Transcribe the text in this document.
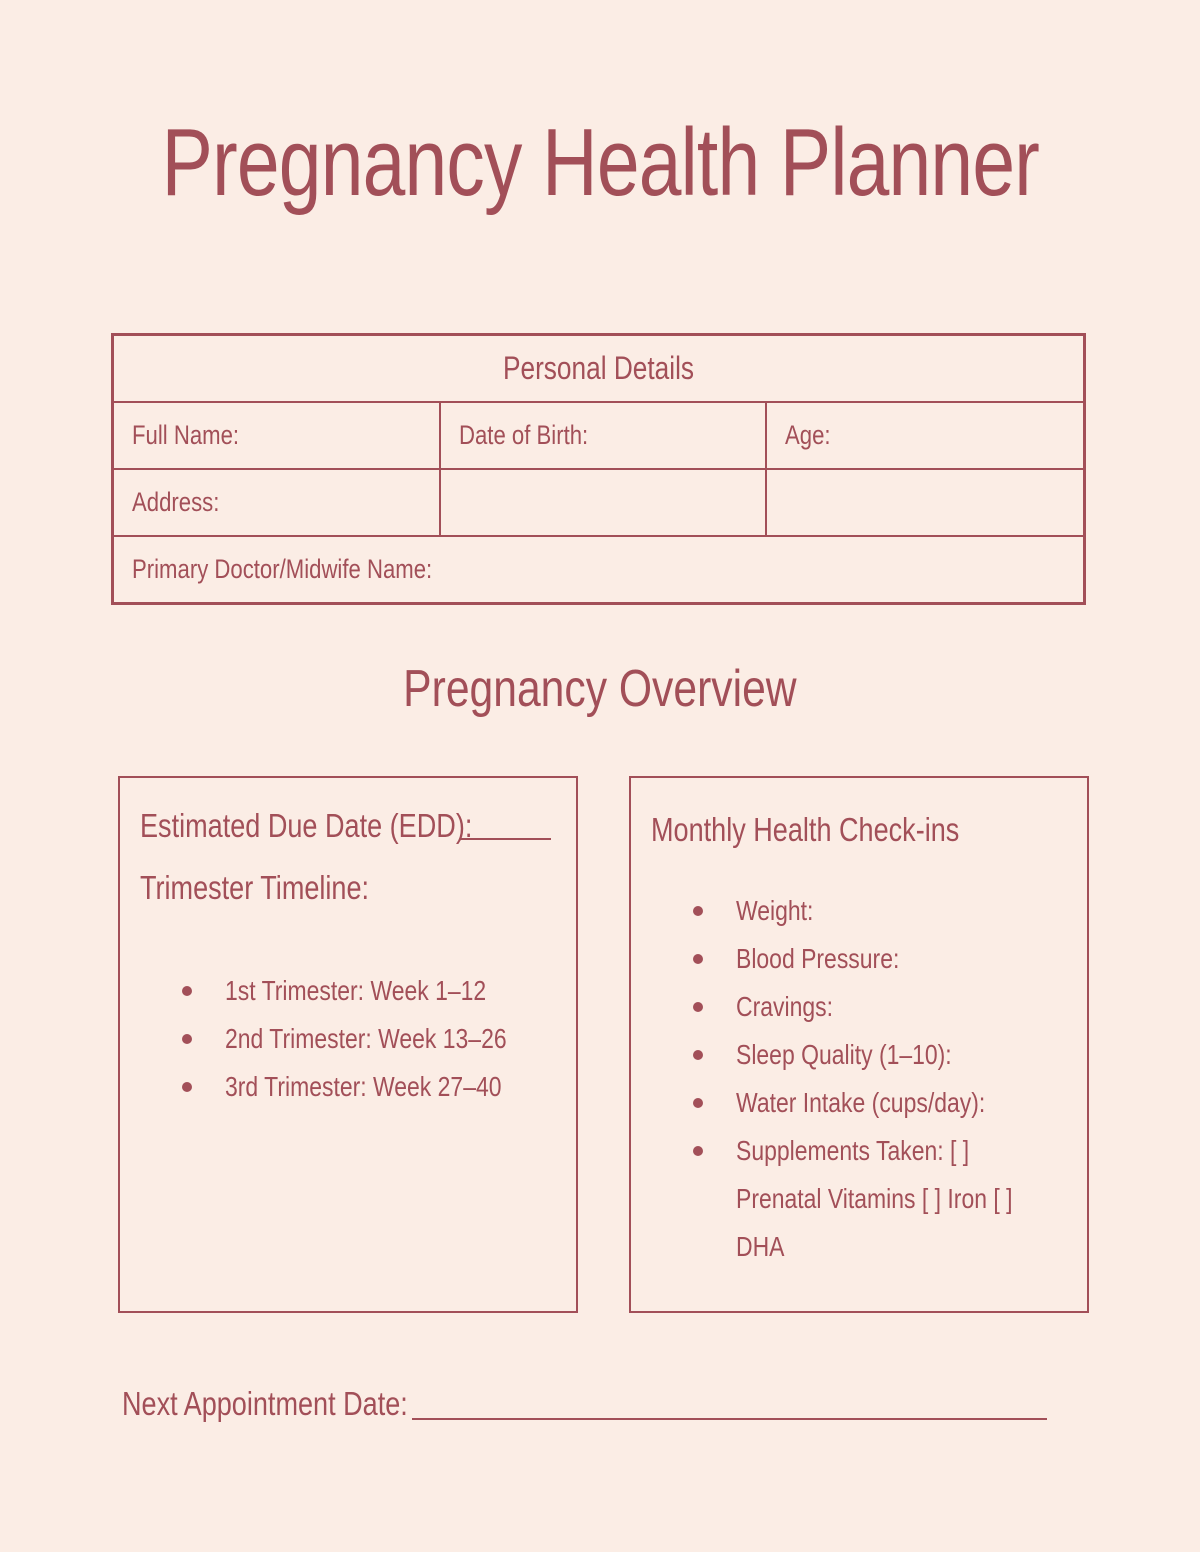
Pregnancy Health Planner
Personal Details		
Full Name:	Date of Birth:	Age:
Address:		
Primary Doctor/Midwife Name:		
Pregnancy Overview
Estimated Due Date (EDD):
Trimester Timeline:
1st Trimester: Week 1–12
2nd Trimester: Week 13–26
3rd Trimester: Week 27–40
Monthly Health Check-ins
Weight:
Blood Pressure:
Cravings:
Sleep Quality (1–10):
Water Intake (cups/day):
Supplements Taken: [ ]
Prenatal Vitamins [ ] Iron [ ]
DHA
Next Appointment Date:
